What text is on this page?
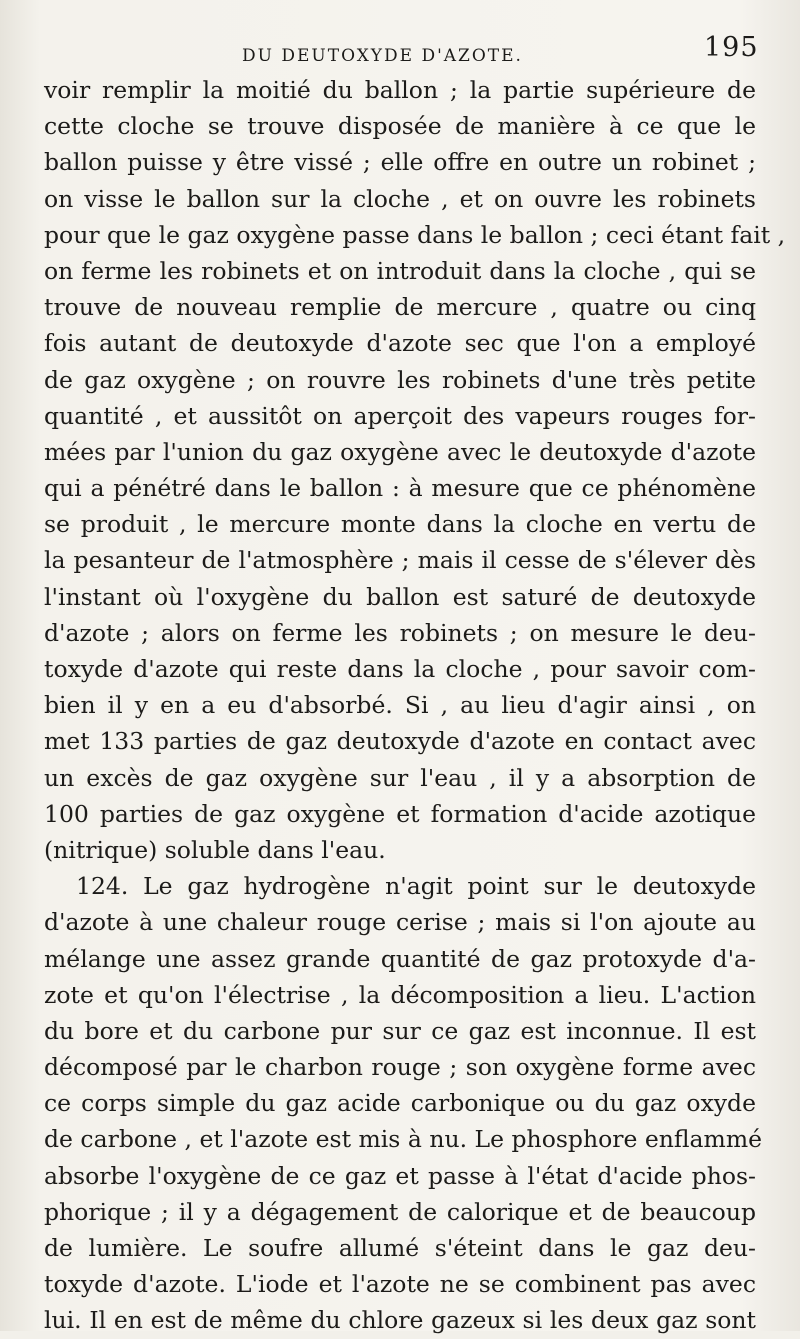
DU DEUTOXYDE D'AZOTE.	195
voir remplir la moitié du ballon ; la partie supérieure de
cette cloche se trouve disposée de manière à ce que le
ballon puisse y être vissé ; elle offre en outre un robinet ;
on visse le ballon sur la cloche , et on ouvre les robinets
pour que le gaz oxygène passe dans le ballon ; ceci étant fait ,
on ferme les robinets et on introduit dans la cloche , qui se
trouve de nouveau remplie de mercure , quatre ou cinq
fois autant de deutoxyde d'azote sec que l'on a employé
de gaz oxygène ; on rouvre les robinets d'une très petite
quantité , et aussitôt on aperçoit des vapeurs rouges for-
mées par l'union du gaz oxygène avec le deutoxyde d'azote
qui a pénétré dans le ballon : à mesure que ce phénomène
se produit , le mercure monte dans la cloche en vertu de
la pesanteur de l'atmosphère ; mais il cesse de s'élever dès
l'instant où l'oxygène du ballon est saturé de deutoxyde
d'azote ; alors on ferme les robinets ; on mesure le deu-
toxyde d'azote qui reste dans la cloche , pour savoir com-
bien il y en a eu d'absorbé. Si , au lieu d'agir ainsi , on
met 133 parties de gaz deutoxyde d'azote en contact avec
un excès de gaz oxygène sur l'eau , il y a absorption de
100 parties de gaz oxygène et formation d'acide azotique
(nitrique) soluble dans l'eau.
124. Le gaz hydrogène n'agit point sur le deutoxyde
d'azote à une chaleur rouge cerise ; mais si l'on ajoute au
mélange une assez grande quantité de gaz protoxyde d'a-
zote et qu'on l'électrise , la décomposition a lieu. L'action
du bore et du carbone pur sur ce gaz est inconnue. Il est
décomposé par le charbon rouge ; son oxygène forme avec
ce corps simple du gaz acide carbonique ou du gaz oxyde
de carbone , et l'azote est mis à nu. Le phosphore enflammé
absorbe l'oxygène de ce gaz et passe à l'état d'acide phos-
phorique ; il y a dégagement de calorique et de beaucoup
de lumière. Le soufre allumé s'éteint dans le gaz deu-
toxyde d'azote. L'iode et l'azote ne se combinent pas avec
lui. Il en est de même du chlore gazeux si les deux gaz sont
